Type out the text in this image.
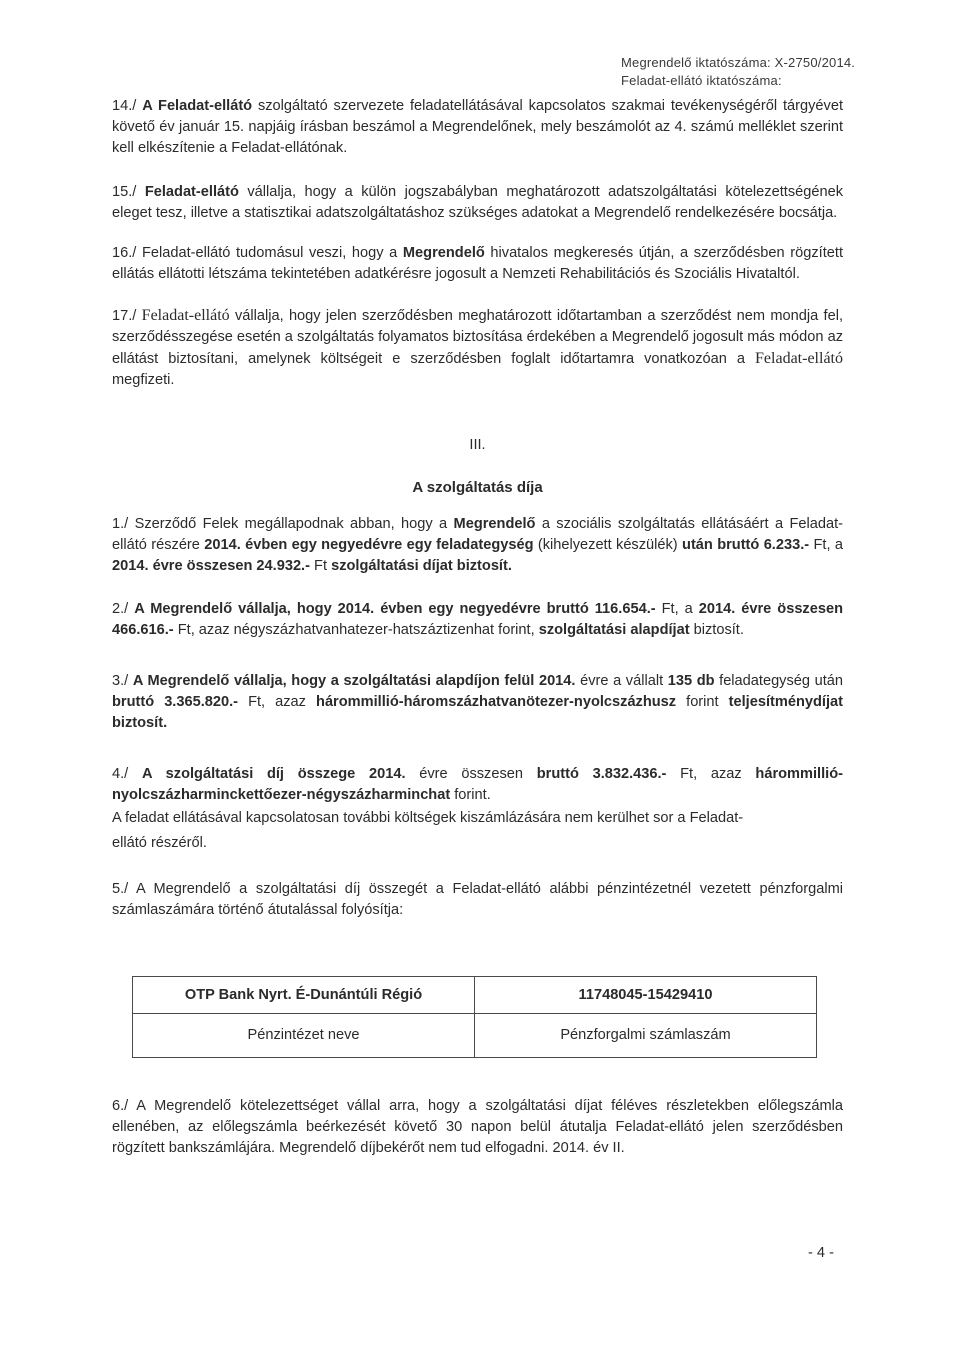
Megrendelő iktatószáma: X-2750/2014.
Feladat-ellátó iktatószáma:

14./ A Feladat-ellátó szolgáltató szervezete feladatellátásával kapcsolatos szakmai tevékenységéről tárgyévet követő év január 15. napjáig írásban beszámol a Megrendelőnek, mely beszámolót az 4. számú melléklet szerint kell elkészítenie a Feladat-ellátónak.

15./ Feladat-ellátó vállalja, hogy a külön jogszabályban meghatározott adatszolgáltatási kötelezettségének eleget tesz, illetve a statisztikai adatszolgáltatáshoz szükséges adatokat a Megrendelő rendelkezésére bocsátja.

16./ Feladat-ellátó tudomásul veszi, hogy a Megrendelő hivatalos megkeresés útján, a szerződésben rögzített ellátás ellátotti létszáma tekintetében adatkérésre jogosult a Nemzeti Rehabilitációs és Szociális Hivataltól.

17./ Feladat-ellátó vállalja, hogy jelen szerződésben meghatározott időtartamban a szerződést nem mondja fel, szerződésszegése esetén a szolgáltatás folyamatos biztosítása érdekében a Megrendelő jogosult más módon az ellátást biztosítani, amelynek költségeit e szerződésben foglalt időtartamra vonatkozóan a Feladat-ellátó megfizeti.

III.
A szolgáltatás díja

1./ Szerződő Felek megállapodnak abban, hogy a Megrendelő a szociális szolgáltatás ellátásáért a Feladat-ellátó részére 2014. évben egy negyedévre egy feladategység (kihelyezett készülék) után bruttó 6.233.- Ft, a 2014. évre összesen 24.932.- Ft szolgáltatási díjat biztosít.

2./ A Megrendelő vállalja, hogy 2014. évben egy negyedévre bruttó 116.654.- Ft, a 2014. évre összesen 466.616.- Ft, azaz négyszázhatvanhatezer-hatszáztizenhat forint, szolgáltatási alapdíjat biztosít.

3./ A Megrendelő vállalja, hogy a szolgáltatási alapdíjon felül 2014. évre a vállalt 135 db feladategység után bruttó 3.365.820.- Ft, azaz hárommillió-háromszázhatvanötezer-nyolcszázhusz forint teljesítménydíjat biztosít.

4./ A szolgáltatási díj összege 2014. évre összesen bruttó 3.832.436.- Ft, azaz hárommillió-nyolcszázharminckettőezer-négyszázharminchat forint.

A feladat ellátásával kapcsolatosan további költségek kiszámlázására nem kerülhet sor a Feladat-

ellátó részéről.

5./ A Megrendelő a szolgáltatási díj összegét a Feladat-ellátó alábbi pénzintézetnél vezetett pénzforgalmi számlaszámára történő átutalással folyósítja:

OTP Bank Nyrt. É-Dunántúli Régió	11748045-15429410
Pénzintézet neve	Pénzforgalmi számlaszám

6./ A Megrendelő kötelezettséget vállal arra, hogy a szolgáltatási díjat féléves részletekben előlegszámla ellenében, az előlegszámla beérkezését követő 30 napon belül átutalja Feladat-ellátó jelen szerződésben rögzített bankszámlájára. Megrendelő díjbekérőt nem tud elfogadni. 2014. év II.

- 4 -
